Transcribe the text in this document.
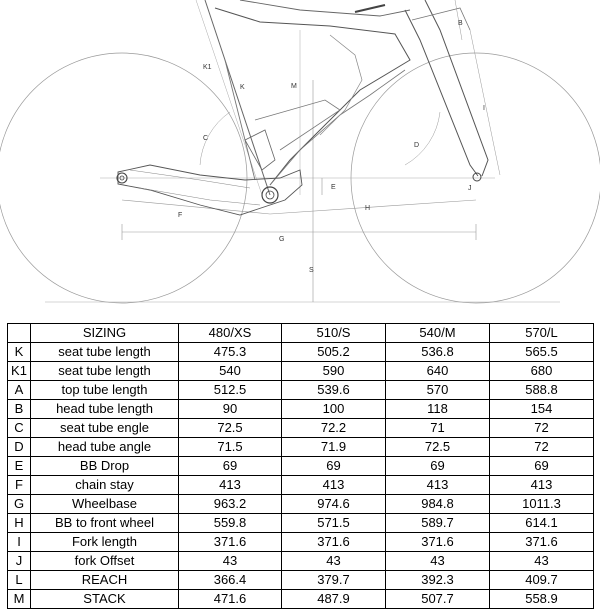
K1
K	M
B
I
C
D
E	J
F
H
G
S
	SIZING	480/XS	510/S	540/M	570/L
K	seat tube length	475.3	505.2	536.8	565.5
K1	seat tube length	540	590	640	680
A	top tube length	512.5	539.6	570	588.8
B	head tube length	90	100	118	154
C	seat tube engle	72.5	72.2	71	72
D	head tube angle	71.5	71.9	72.5	72
E	BB Drop	69	69	69	69
F	chain stay	413	413	413	413
G	Wheelbase	963.2	974.6	984.8	1011.3
H	BB to front wheel	559.8	571.5	589.7	614.1
I	Fork length	371.6	371.6	371.6	371.6
J	fork Offset	43	43	43	43
L	REACH	366.4	379.7	392.3	409.7
M	STACK	471.6	487.9	507.7	558.9
